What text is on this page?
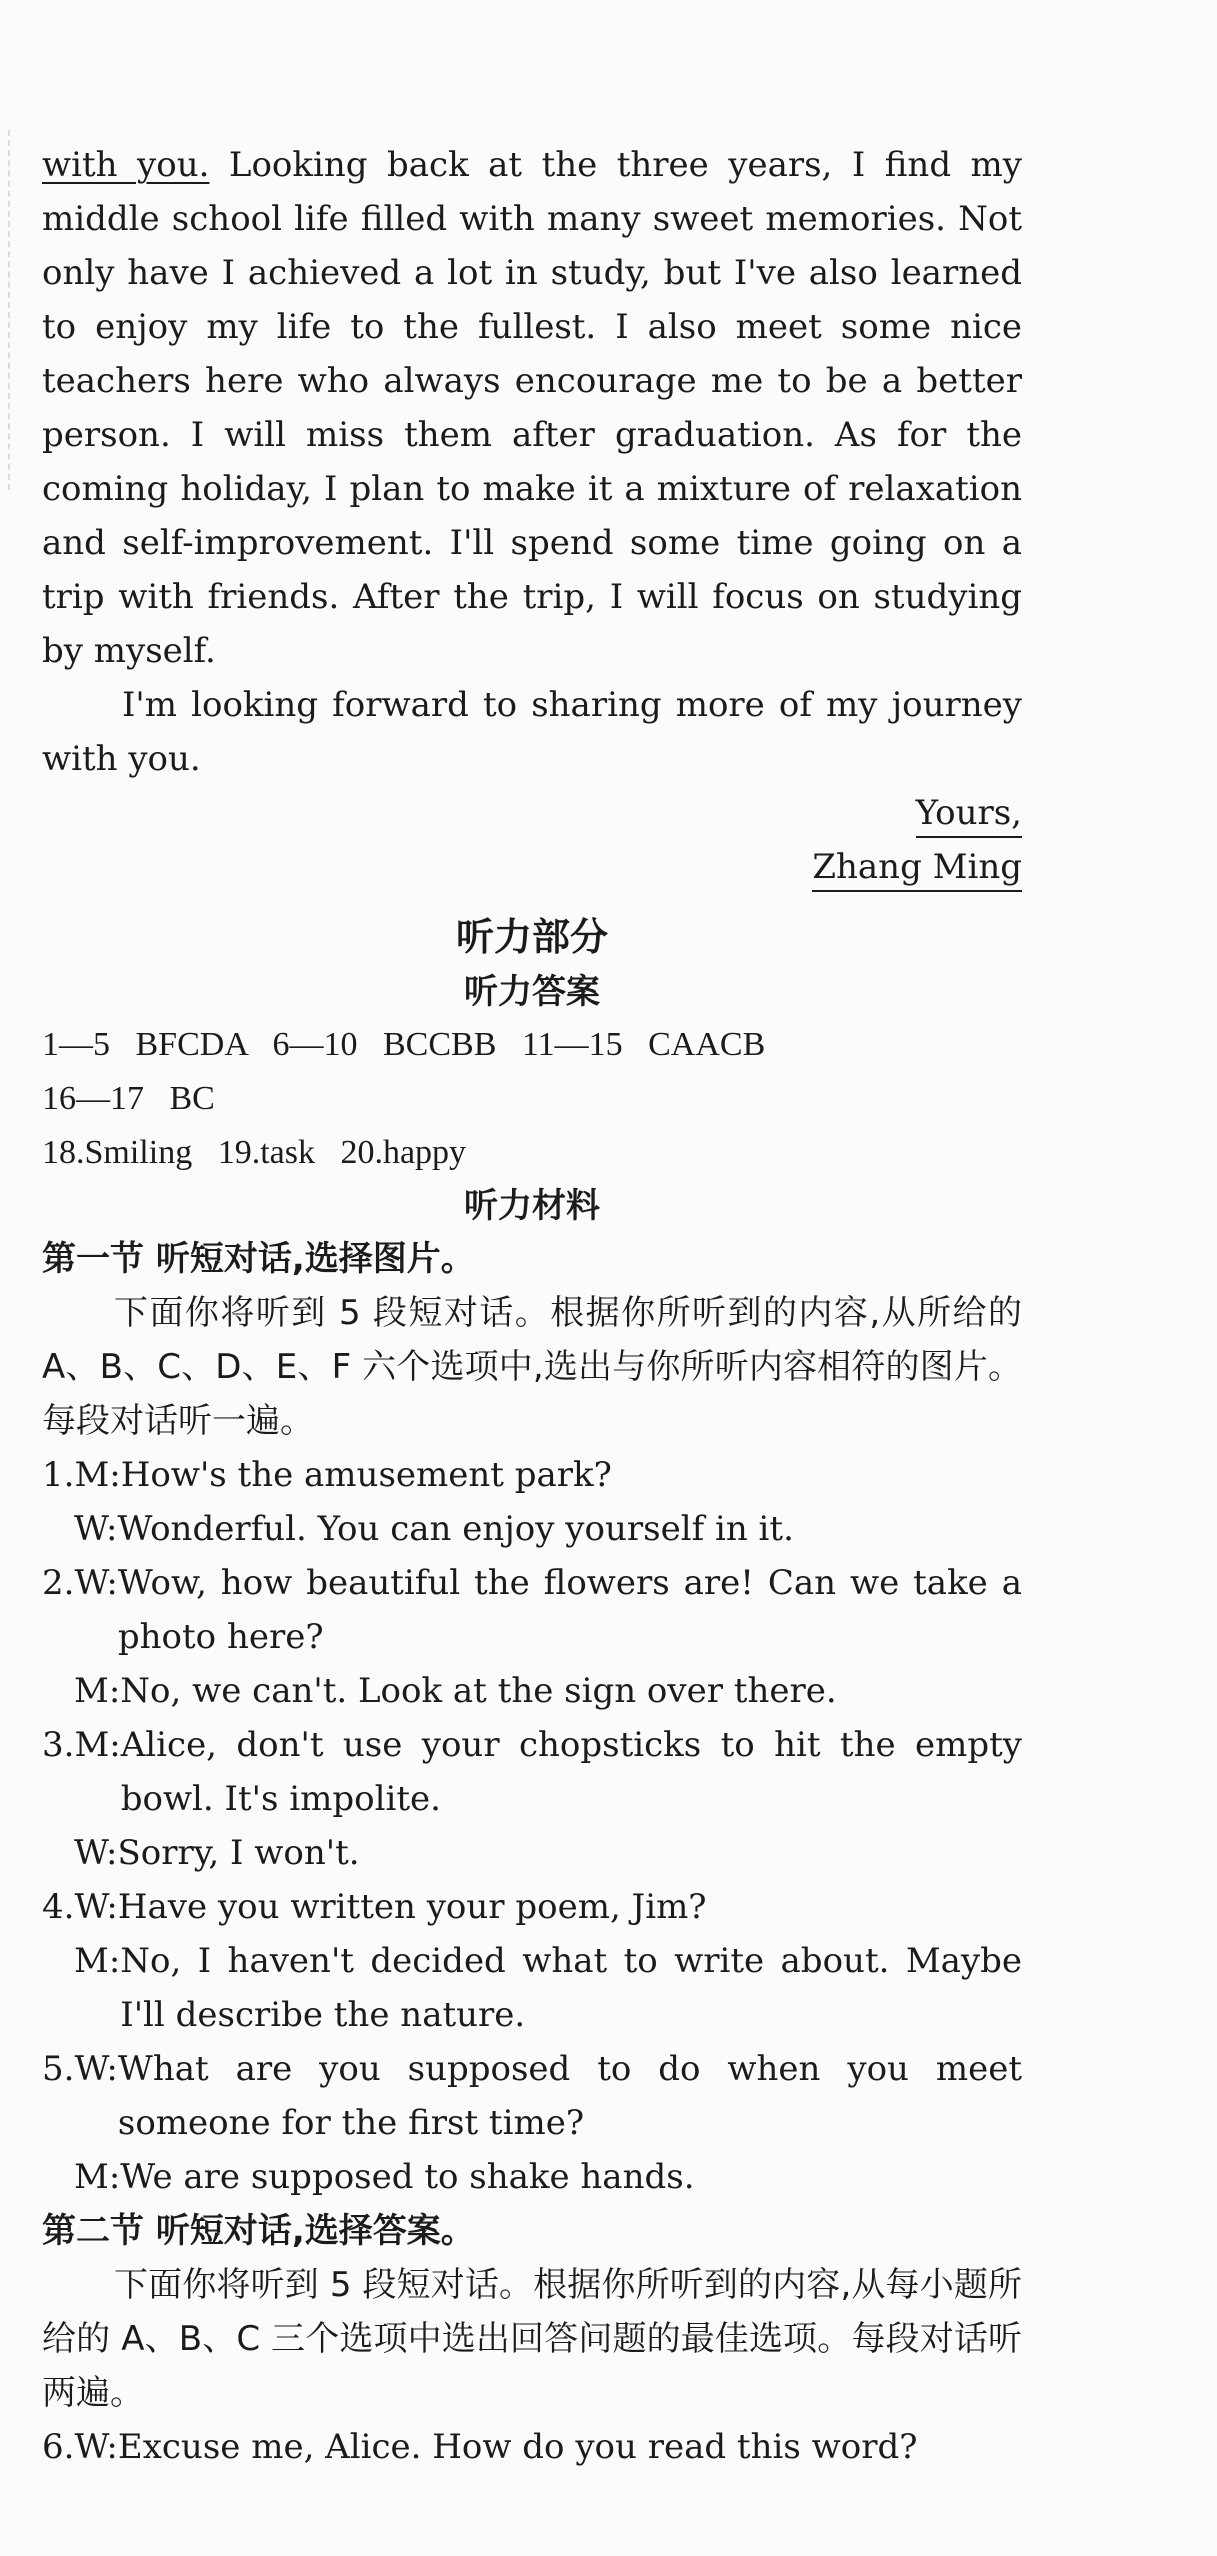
with you. Looking back at the three years, I find my middle school life filled with many sweet memories. Not only have I achieved a lot in study, but I've also learned to enjoy my life to the fullest. I also meet some nice teachers here who always encourage me to be a better person. I will miss them after graduation. As for the coming holiday, I plan to make it a mixture of relaxation and self-improvement. I'll spend some time going on a trip with friends. After the trip, I will focus on studying by myself.

I'm looking forward to sharing more of my journey with you.

Yours,
Zhang Ming
听力部分
听力答案
1—5   BFCDA   6—10   BCCBB   11—15   CAACB
16—17   BC
18.Smiling   19.task   20.happy
听力材料
第一节 听短对话,选择图片。

下面你将听到 5 段短对话。根据你所听到的内容,从所给的 A、B、C、D、E、F 六个选项中,选出与你所听内容相符的图片。每段对话听一遍。

1.M: How's the amusement park?
W: Wonderful. You can enjoy yourself in it.
2.W: Wow, how beautiful the flowers are! Can we take a photo here?
M: No, we can't. Look at the sign over there.
3.M: Alice, don't use your chopsticks to hit the empty bowl. It's impolite.
W: Sorry, I won't.
4.W: Have you written your poem, Jim?
M: No, I haven't decided what to write about. Maybe I'll describe the nature.
5.W: What are you supposed to do when you meet someone for the first time?
M: We are supposed to shake hands.
第二节 听短对话,选择答案。

下面你将听到 5 段短对话。根据你所听到的内容,从每小题所给的 A、B、C 三个选项中选出回答问题的最佳选项。每段对话听两遍。

6.W: Excuse me, Alice. How do you read this word?
